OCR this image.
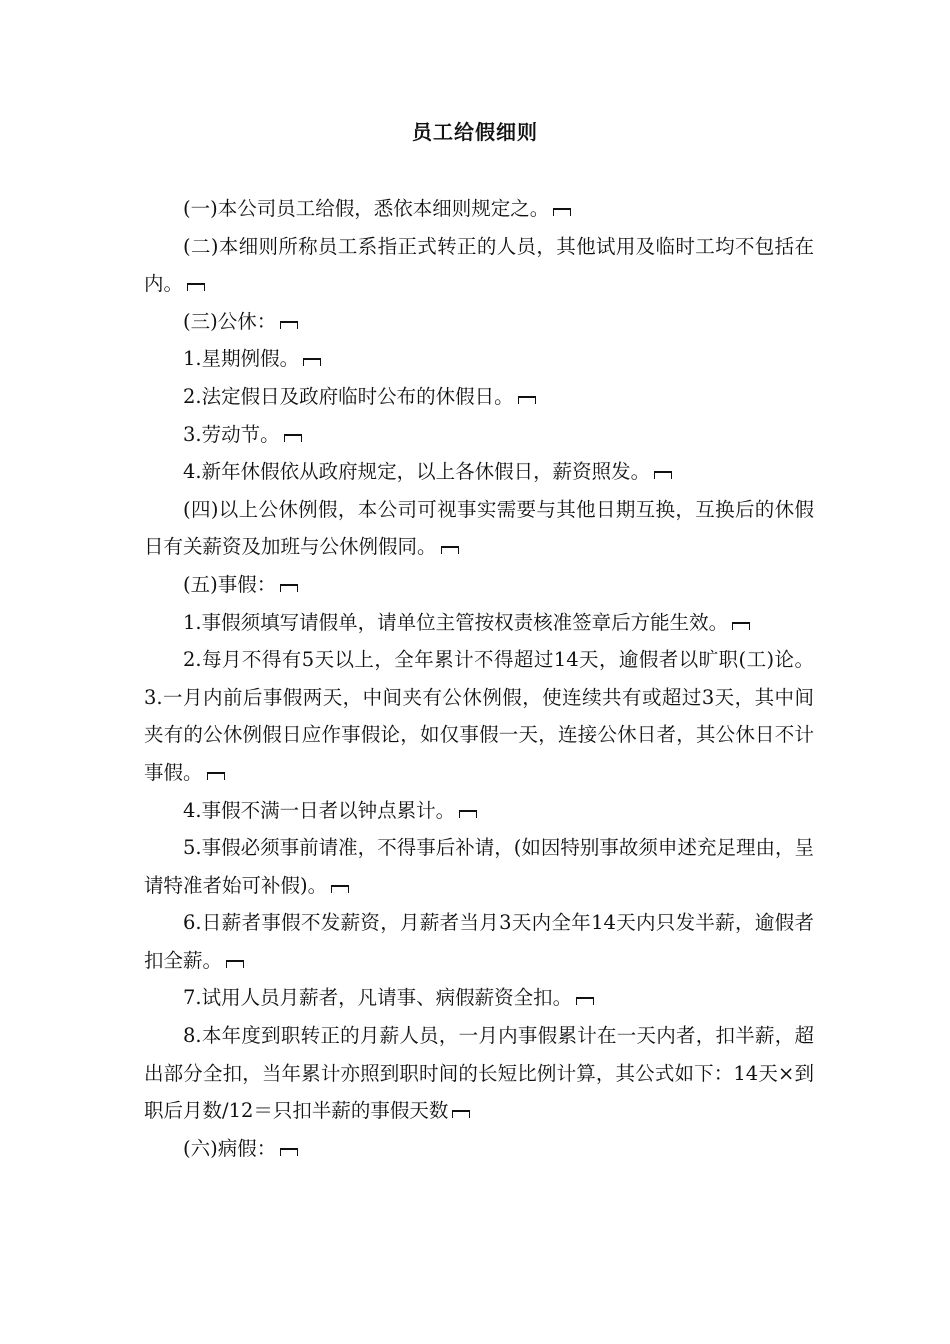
员工给假细则

(一)本公司员工给假，悉依本细则规定之。

(二)本细则所称员工系指正式转正的人员，其他试用及临时工均不包括在内。

(三)公休：

1.星期例假。

2.法定假日及政府临时公布的休假日。

3.劳动节。

4.新年休假依从政府规定，以上各休假日，薪资照发。

(四)以上公休例假，本公司可视事实需要与其他日期互换，互换后的休假日有关薪资及加班与公休例假同。

(五)事假：

1.事假须填写请假单，请单位主管按权责核准签章后方能生效。

2.每月不得有5天以上，全年累计不得超过14天，逾假者以旷职(工)论。3.一月内前后事假两天，中间夹有公休例假，使连续共有或超过3天，其中间夹有的公休例假日应作事假论，如仅事假一天，连接公休日者，其公休日不计事假。

4.事假不满一日者以钟点累计。

5.事假必须事前请准，不得事后补请，(如因特别事故须申述充足理由，呈请特准者始可补假)。

6.日薪者事假不发薪资，月薪者当月3天内全年14天内只发半薪，逾假者扣全薪。

7.试用人员月薪者，凡请事、病假薪资全扣。

8.本年度到职转正的月薪人员，一月内事假累计在一天内者，扣半薪，超出部分全扣，当年累计亦照到职时间的长短比例计算，其公式如下：14天×到职后月数/12＝只扣半薪的事假天数

(六)病假：
